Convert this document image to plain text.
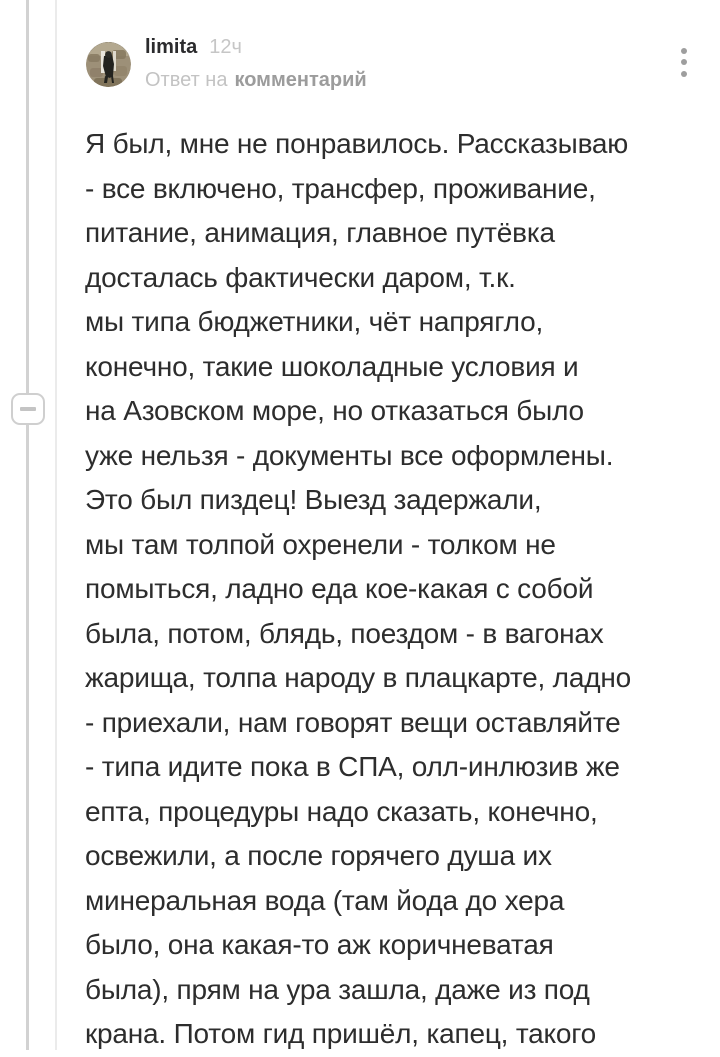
limita 12ч
Ответ на комментарий
Я был, мне не понравилось. Рассказываю
- все включено, трансфер, проживание,
питание, анимация, главное путёвка
досталась фактически даром, т.к.
мы типа бюджетники, чёт напрягло,
конечно, такие шоколадные условия и
на Азовском море, но отказаться было
уже нельзя - документы все оформлены.
Это был пиздец! Выезд задержали,
мы там толпой охренели - толком не
помыться, ладно еда кое-какая с собой
была, потом, блядь, поездом - в вагонах
жарища, толпа народу в плацкарте, ладно
- приехали, нам говорят вещи оставляйте
- типа идите пока в СПА, олл-инлюзив же
епта, процедуры надо сказать, конечно,
освежили, а после горячего душа их
минеральная вода (там йода до хера
было, она какая-то аж коричневатая
была), прям на ура зашла, даже из под
крана. Потом гид пришёл, капец, такого
